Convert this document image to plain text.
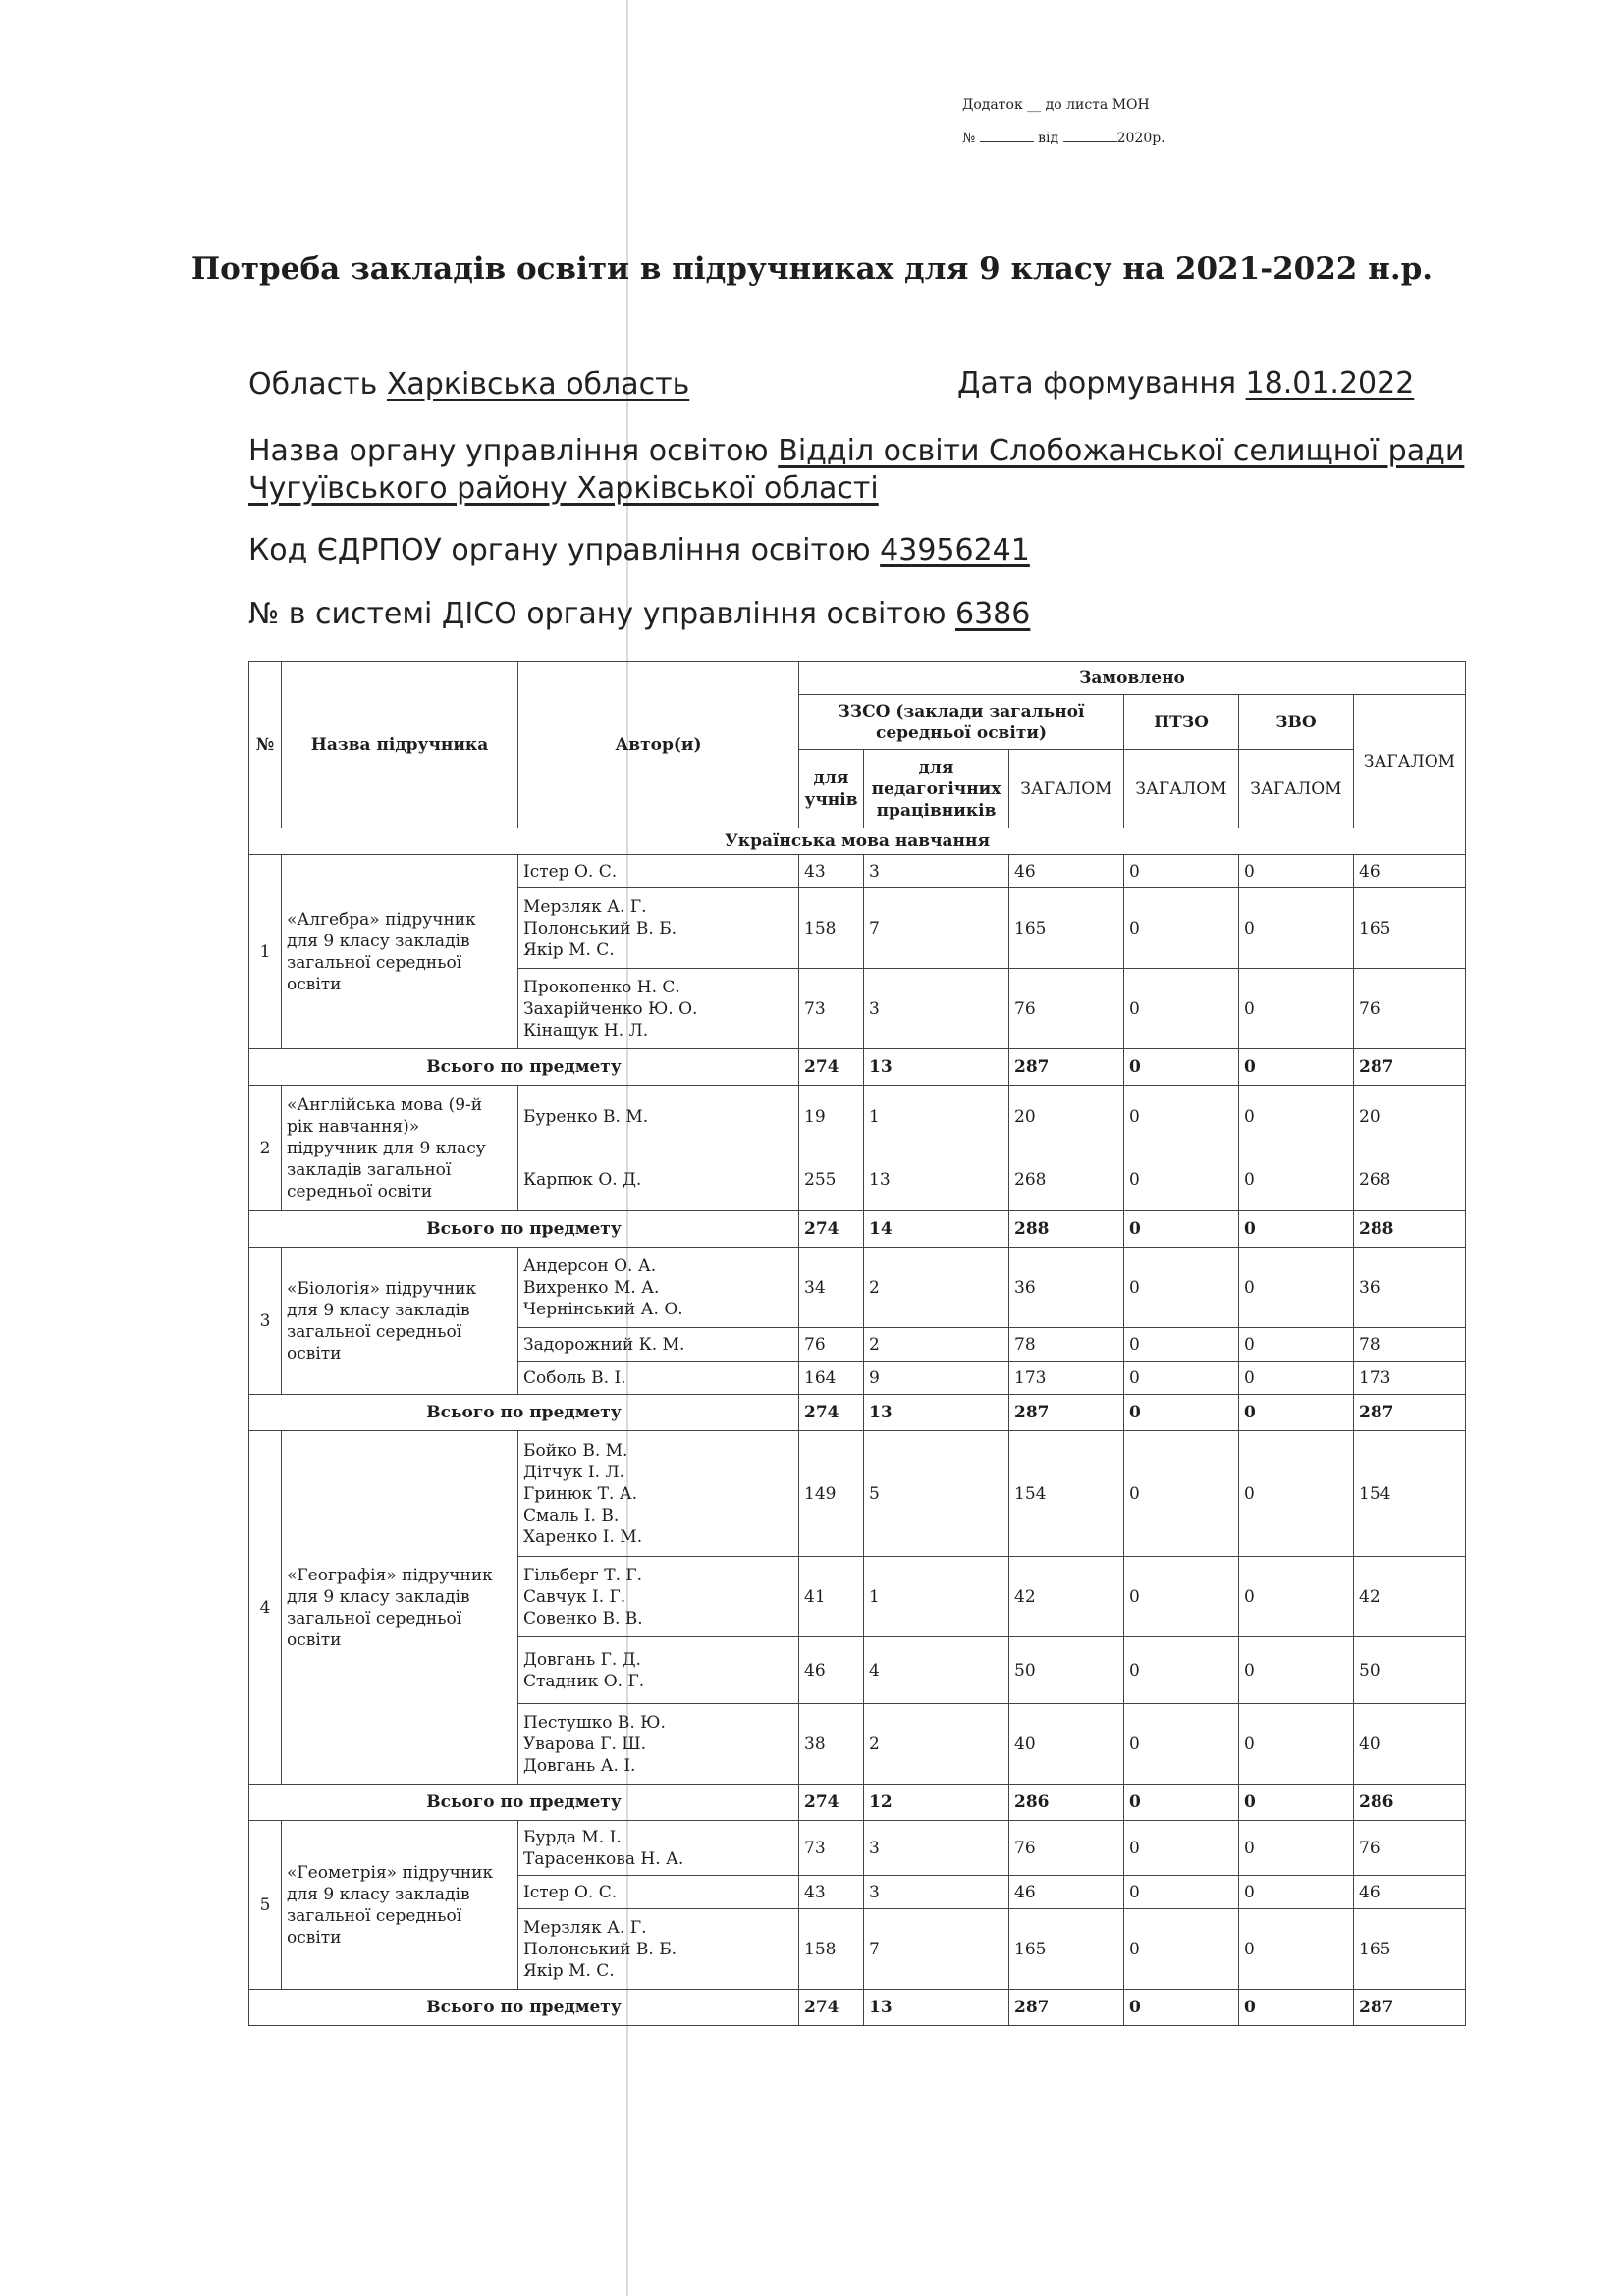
Додаток __ до листа МОН
№	від	2020р.
Потреба закладів освіти в підручниках для 9 класу на 2021-2022 н.р.
Область Харківська область	Дата формування 18.01.2022
Назва органу управління освітою Відділ освіти Слобожанської селищної ради
Чугуївського району Харківської області
Код ЄДРПОУ органу управління освітою 43956241
№ в системі ДІСО органу управління освітою 6386
№	Назва підручника	Автор(и)	Замовлено					
			ЗЗСО (заклади загальної середньої освіти)			ПТЗО	ЗВО	ЗАГАЛОМ
			для учнів	для педагогічних працівників	ЗАГАЛОМ	ЗАГАЛОМ	ЗАГАЛОМ	
Українська мова навчання								
1	«Алгебра» підручник для 9 класу закладів загальної середньої освіти	Істер О. С.	43	3	46	0	0	46
		Мерзляк А. Г.
Полонський В. Б.
Якір М. С.	158	7	165	0	0	165
		Прокопенко Н. С.
Захарійченко Ю. О.
Кінащук Н. Л.	73	3	76	0	0	76
Всього по предмету			274	13	287	0	0	287
2	«Англійська мова (9-й рік навчання)» підручник для 9 класу закладів загальної середньої освіти	Буренко В. М.	19	1	20	0	0	20
		Карпюк О. Д.	255	13	268	0	0	268
Всього по предмету			274	14	288	0	0	288
3	«Біологія» підручник для 9 класу закладів загальної середньої освіти	Андерсон О. А.
Вихренко М. А.
Чернінський А. О.	34	2	36	0	0	36
		Задорожний К. М.	76	2	78	0	0	78
		Соболь В. І.	164	9	173	0	0	173
Всього по предмету			274	13	287	0	0	287
4	«Географія» підручник для 9 класу закладів загальної середньої освіти	Бойко В. М.
Дітчук І. Л.
Гринюк Т. А.
Смаль І. В.
Харенко І. М.	149	5	154	0	0	154
		Гільберг Т. Г.
Савчук І. Г.
Совенко В. В.	41	1	42	0	0	42
		Довгань Г. Д.
Стадник О. Г.	46	4	50	0	0	50
		Пестушко В. Ю.
Уварова Г. Ш.
Довгань А. І.	38	2	40	0	0	40
Всього по предмету			274	12	286	0	0	286
5	«Геометрія» підручник для 9 класу закладів загальної середньої освіти	Бурда М. І.
Тарасенкова Н. А.	73	3	76	0	0	76
		Істер О. С.	43	3	46	0	0	46
		Мерзляк А. Г.
Полонський В. Б.
Якір М. С.	158	7	165	0	0	165
Всього по предмету			274	13	287	0	0	287
